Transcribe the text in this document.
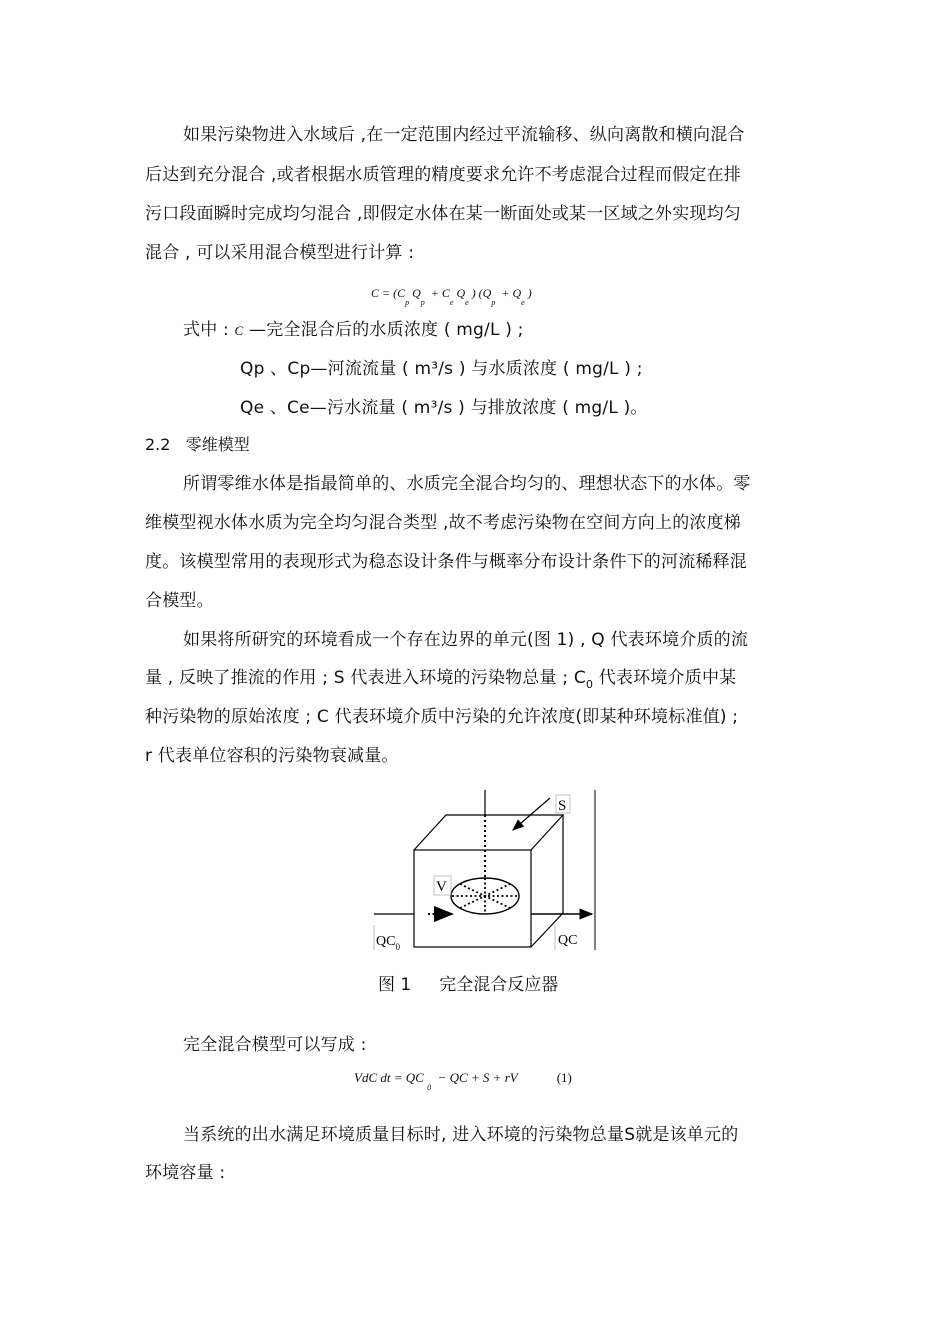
如果污染物进入水域后 ,在一定范围内经过平流输移、纵向离散和横向混合
后达到充分混合 ,或者根据水质管理的精度要求允许不考虑混合过程而假定在排
污口段面瞬时完成均匀混合 ,即假定水体在某一断面处或某一区域之外实现均匀
混合 , 可以采用混合模型进行计算 :
$C = (C_p$ $Q_p + C_e$ $Q_e$ ) ($Q_p + Q_e$ )
式中 : C —完全混合后的水质浓度 ( mg/L ) ;
Qp 、Cp—河流流量 ( m³/s ) 与水质浓度 ( mg/L ) ;
Qe 、Ce—污水流量 ( m³/s ) 与排放浓度 ( mg/L )。
2.2 零维模型
所谓零维水体是指最简单的、水质完全混合均匀的、理想状态下的水体。零
维模型视水体水质为完全均匀混合类型 ,故不考虑污染物在空间方向上的浓度梯
度。该模型常用的表现形式为稳态设计条件与概率分布设计条件下的河流稀释混
合模型。
如果将所研究的环境看成一个存在边界的单元(图 1) , Q 代表环境介质的流
量 , 反映了推流的作用 ; S 代表进入环境的污染物总量 ; $C_0$ 代表环境介质中某
种污染物的原始浓度 ; C 代表环境介质中污染的允许浓度(即某种环境标准值) ;
r 代表单位容积的污染物衰减量。
S
V
$QC_0$	QC
图 1 完全混合反应器
完全混合模型可以写成 :
VdC dt = QC $_0$  − QC + S + rV	(1)
当系统的出水满足环境质量目标时, 进入环境的污染物总量S就是该单元的
环境容量 :
